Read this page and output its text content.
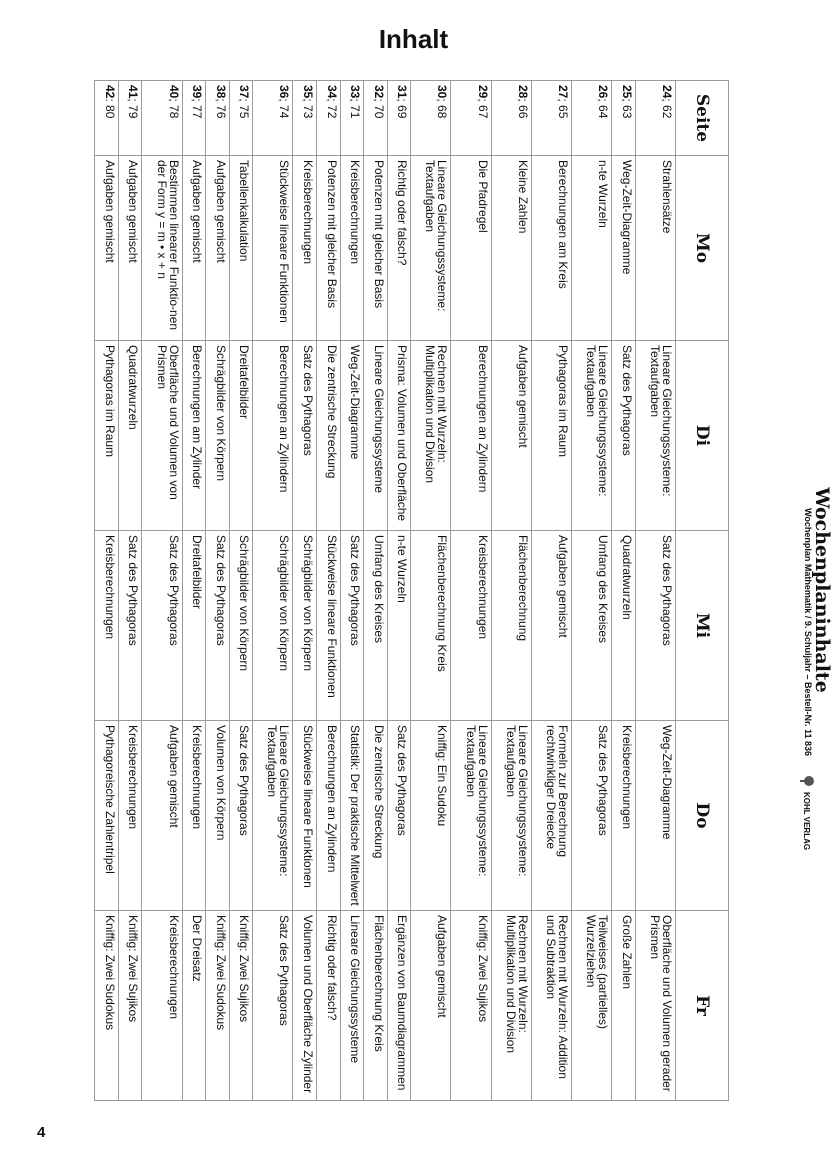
Inhalt
Wochenplaninhalte
Wochenplan Mathematik / 9. Schuljahr – Bestell-Nr. 11 836
KOHL VERLAG
Seite	Mo	Di	Mi	Do	Fr
24; 62	Strahlensätze	Lineare Gleichungssysteme: Textaufgaben	Satz des Pythagoras	Weg-Zeit-Diagramme	Oberfläche und Volumen gerader Prismen
25; 63	Weg-Zeit-Diagramme	Satz des Pythagoras	Quadratwurzeln	Kreisberechnungen	Große Zahlen
26; 64	n-te Wurzeln	Lineare Gleichungssysteme: Textaufgaben	Umfang des Kreises	Satz des Pythagoras	Teilweises (partielles) Wurzelziehen
27; 65	Berechnungen am Kreis	Pythagoras im Raum	Aufgaben gemischt	Formeln zur Berechnung rechtwinkliger Dreiecke	Rechnen mit Wurzeln: Addition und Subtraktion
28; 66	Kleine Zahlen	Aufgaben gemischt	Flächenberechnung	Lineare Gleichungssysteme: Textaufgaben	Rechnen mit Wurzeln: Multiplikation und Division
29; 67	Die Pfadregel	Berechnungen an Zylindern	Kreisberechnungen	Lineare Gleichungssysteme: Textaufgaben	Kniffig: Zwei Sujikos
30; 68	Lineare Gleichungssysteme: Textaufgaben	Rechnen mit Wurzeln: Multiplikation und Division	Flächenberechnung Kreis	Kniffig: Ein Sudoku	Aufgaben gemischt
31; 69	Richtig oder falsch?	Prisma: Volumen und Oberfläche	n-te Wurzeln	Satz des Pythagoras	Ergänzen von Baumdiagrammen
32; 70	Potenzen mit gleicher Basis	Lineare Gleichungssysteme	Umfang des Kreises	Die zentrische Streckung	Flächenberechnung Kreis
33; 71	Kreisberechnungen	Weg-Zeit-Diagramme	Satz des Pythagoras	Statistik: Der praktische Mittelwert	Lineare Gleichungssysteme
34; 72	Potenzen mit gleicher Basis	Die zentrische Streckung	Stückweise lineare Funktionen	Berechnungen an Zylindern	Richtig oder falsch?
35; 73	Kreisberechnungen	Satz des Pythagoras	Schrägbilder von Körpern	Stückweise lineare Funktionen	Volumen und Oberfläche Zylinder
36; 74	Stückweise lineare Funktionen	Berechnungen an Zylindern	Schrägbilder von Körpern	Lineare Gleichungssysteme: Textaufgaben	Satz des Pythagoras
37; 75	Tabellenkalkulation	Dreitafelbilder	Schrägbilder von Körpern	Satz des Pythagoras	Kniffig: Zwei Sujikos
38; 76	Aufgaben gemischt	Schrägbilder von Körpern	Satz des Pythagoras	Volumen von Körpern	Kniffig: Zwei Sudokus
39; 77	Aufgaben gemischt	Berechnungen am Zylinder	Dreitafelbilder	Kreisberechnungen	Der Dreisatz
40; 78	Bestimmen linearer Funktio-nen der Form y = m • x + n	Oberfläche und Volumen von Prismen	Satz des Pythagoras	Aufgaben gemischt	Kreisberechnungen
41; 79	Aufgaben gemischt	Quadratwurzeln	Satz des Pythagoras	Kreisberechnungen	Kniffig: Zwei Sujikos
42: 80	Aufgaben gemischt	Pythagoras im Raum	Kreisberechnungen	Pythagoreische Zahlentripel	Kniffig: Zwei Sudokus
4
